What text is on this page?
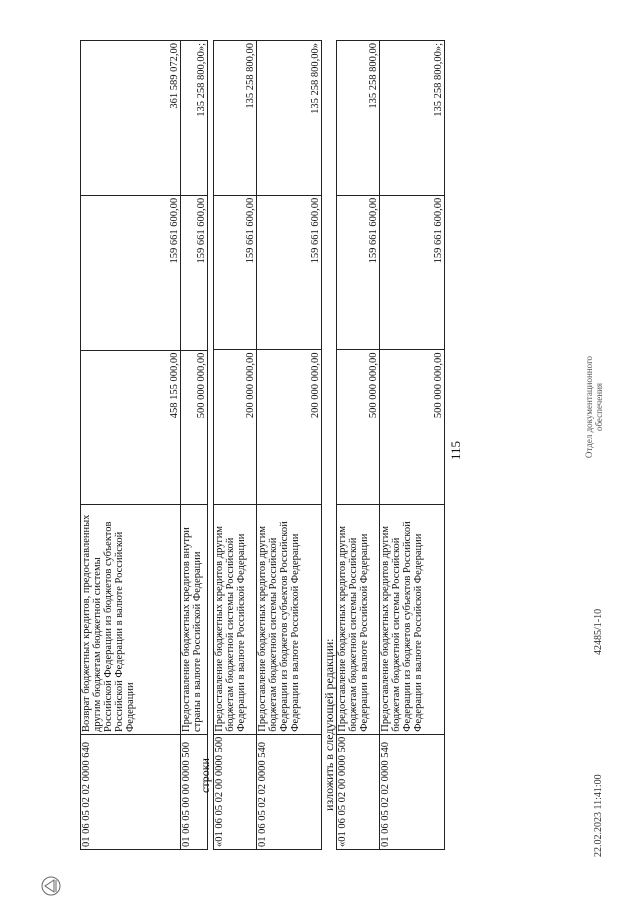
115
01 06 05 02 02 0000 640	Возврат бюджетных кредитов, предоставленных другим бюджетам бюджетной системы Российской Федерации из бюджетов субъектов Российской Федерации в валюте Российской Федерации	458 155 000,00	159 661 600,00	361 589 072,00
01 06 05 00 00 0000 500	Предоставление бюджетных кредитов внутри страны в валюте Российской Федерации	500 000 000,00	159 661 600,00	135 258 800,00»;
строки «01 06 05 02 00 0000 500	Предоставление бюджетных кредитов другим бюджетам бюджетной системы Российской Федерации в валюте Российской Федерации	200 000 000,00	159 661 600,00	135 258 800,00
01 06 05 02 02 0000 540	Предоставление бюджетных кредитов другим бюджетам бюджетной системы Российской Федерации из бюджетов субъектов Российской Федерации в валюте Российской Федерации	200 000 000,00	159 661 600,00	135 258 800,00»
изложить в следующей редакции: «01 06 05 02 00 0000 500	Предоставление бюджетных кредитов другим бюджетам бюджетной системы Российской Федерации в валюте Российской Федерации	500 000 000,00	159 661 600,00	135 258 800,00
01 06 05 02 02 0000 540	Предоставление бюджетных кредитов другим бюджетам бюджетной системы Российской Федерации из бюджетов субъектов Российской Федерации в валюте Российской Федерации	500 000 000,00	159 661 600,00	135 258 800,00»;
22.02.2023 11:41:00
42485/1-10
Отдел документационного обеспечения
